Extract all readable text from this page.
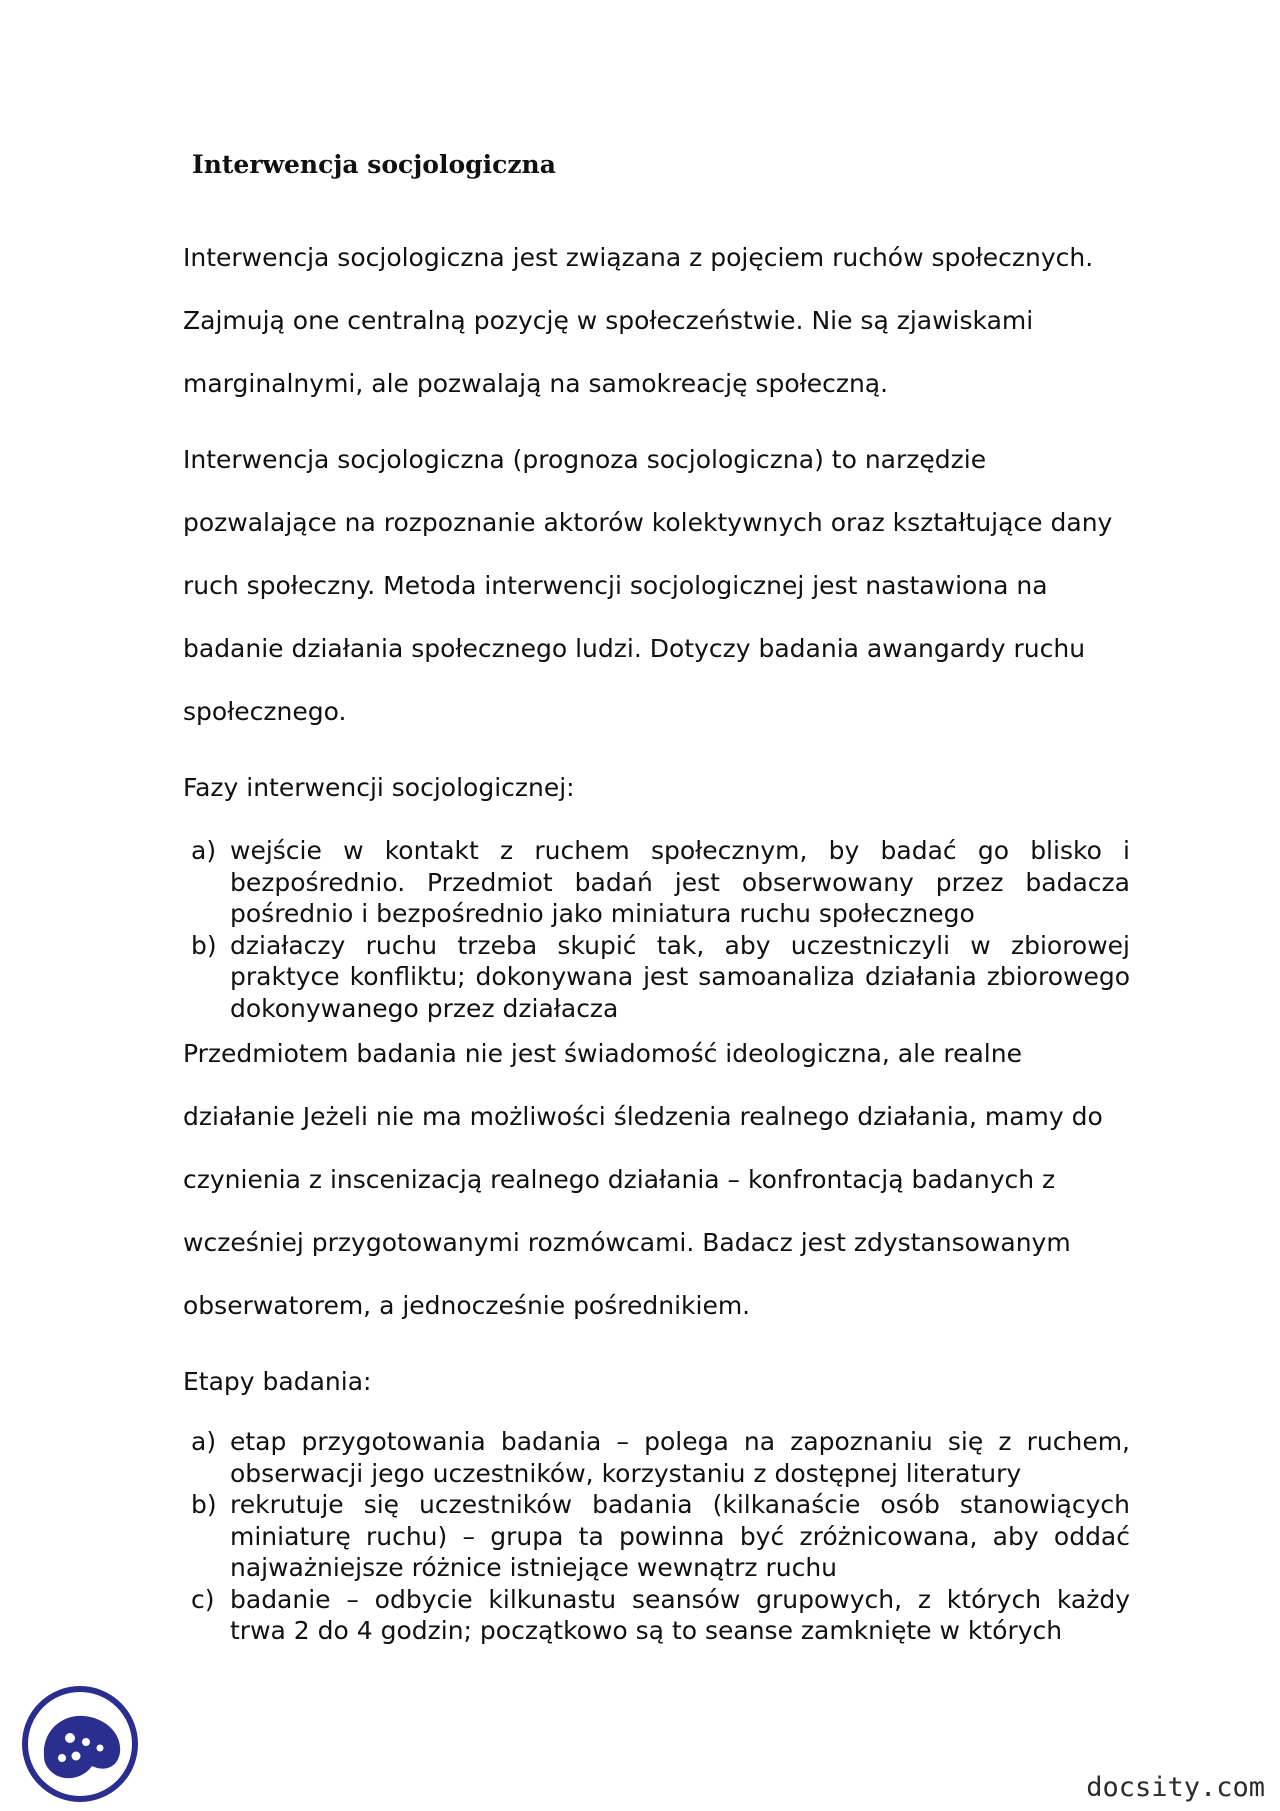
Interwencja socjologiczna

Interwencja socjologiczna jest związana z pojęciem ruchów społecznych. Zajmują one centralną pozycję w społeczeństwie. Nie są zjawiskami marginalnymi, ale pozwalają na samokreację społeczną.

Interwencja socjologiczna (prognoza socjologiczna) to narzędzie pozwalające na rozpoznanie aktorów kolektywnych oraz kształtujące dany ruch społeczny. Metoda interwencji socjologicznej jest nastawiona na badanie działania społecznego ludzi. Dotyczy badania awangardy ruchu społecznego.

Fazy interwencji socjologicznej:

a) wejście w kontakt z ruchem społecznym, by badać go blisko i bezpośrednio. Przedmiot badań jest obserwowany przez badacza pośrednio i bezpośrednio jako miniatura ruchu społecznego
b) działaczy ruchu trzeba skupić tak, aby uczestniczyli w zbiorowej praktyce konfliktu; dokonywana jest samoanaliza działania zbiorowego dokonywanego przez działacza

Przedmiotem badania nie jest świadomość ideologiczna, ale realne działanie Jeżeli nie ma możliwości śledzenia realnego działania, mamy do czynienia z inscenizacją realnego działania – konfrontacją badanych z wcześniej przygotowanymi rozmówcami. Badacz jest zdystansowanym obserwatorem, a jednocześnie pośrednikiem.

Etapy badania:

a) etap przygotowania badania – polega na zapoznaniu się z ruchem, obserwacji jego uczestników, korzystaniu z dostępnej literatury
b) rekrutuje się uczestników badania (kilkanaście osób stanowiących miniaturę ruchu) – grupa ta powinna być zróżnicowana, aby oddać najważniejsze różnice istniejące wewnątrz ruchu
c) badanie – odbycie kilkunastu seansów grupowych, z których każdy trwa 2 do 4 godzin; początkowo są to seanse zamknięte w których
docsity.com
